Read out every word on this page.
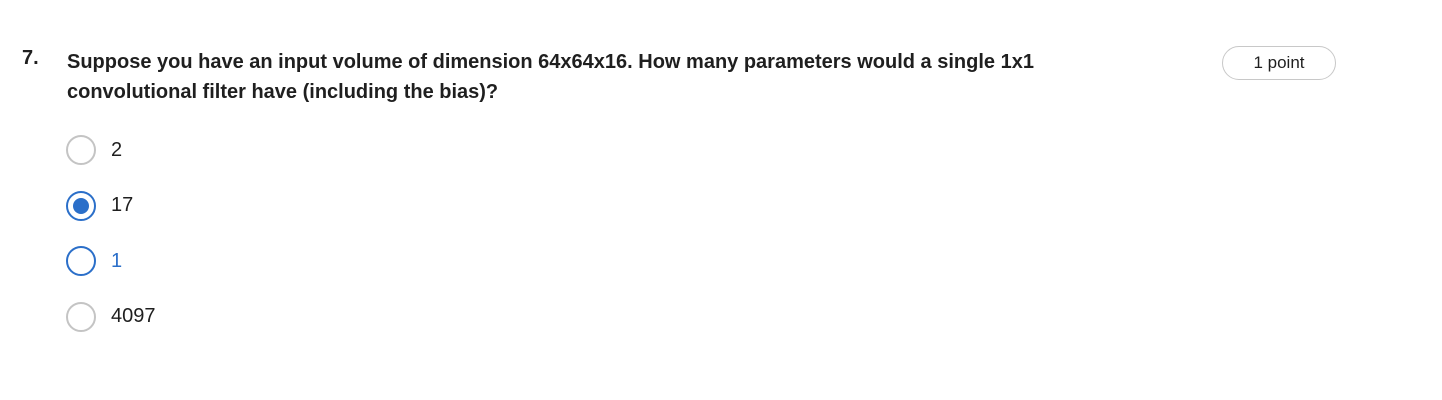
7. Suppose you have an input volume of dimension 64x64x16. How many parameters would a single 1x1 convolutional filter have (including the bias)?
1 point
2
17
1
4097
